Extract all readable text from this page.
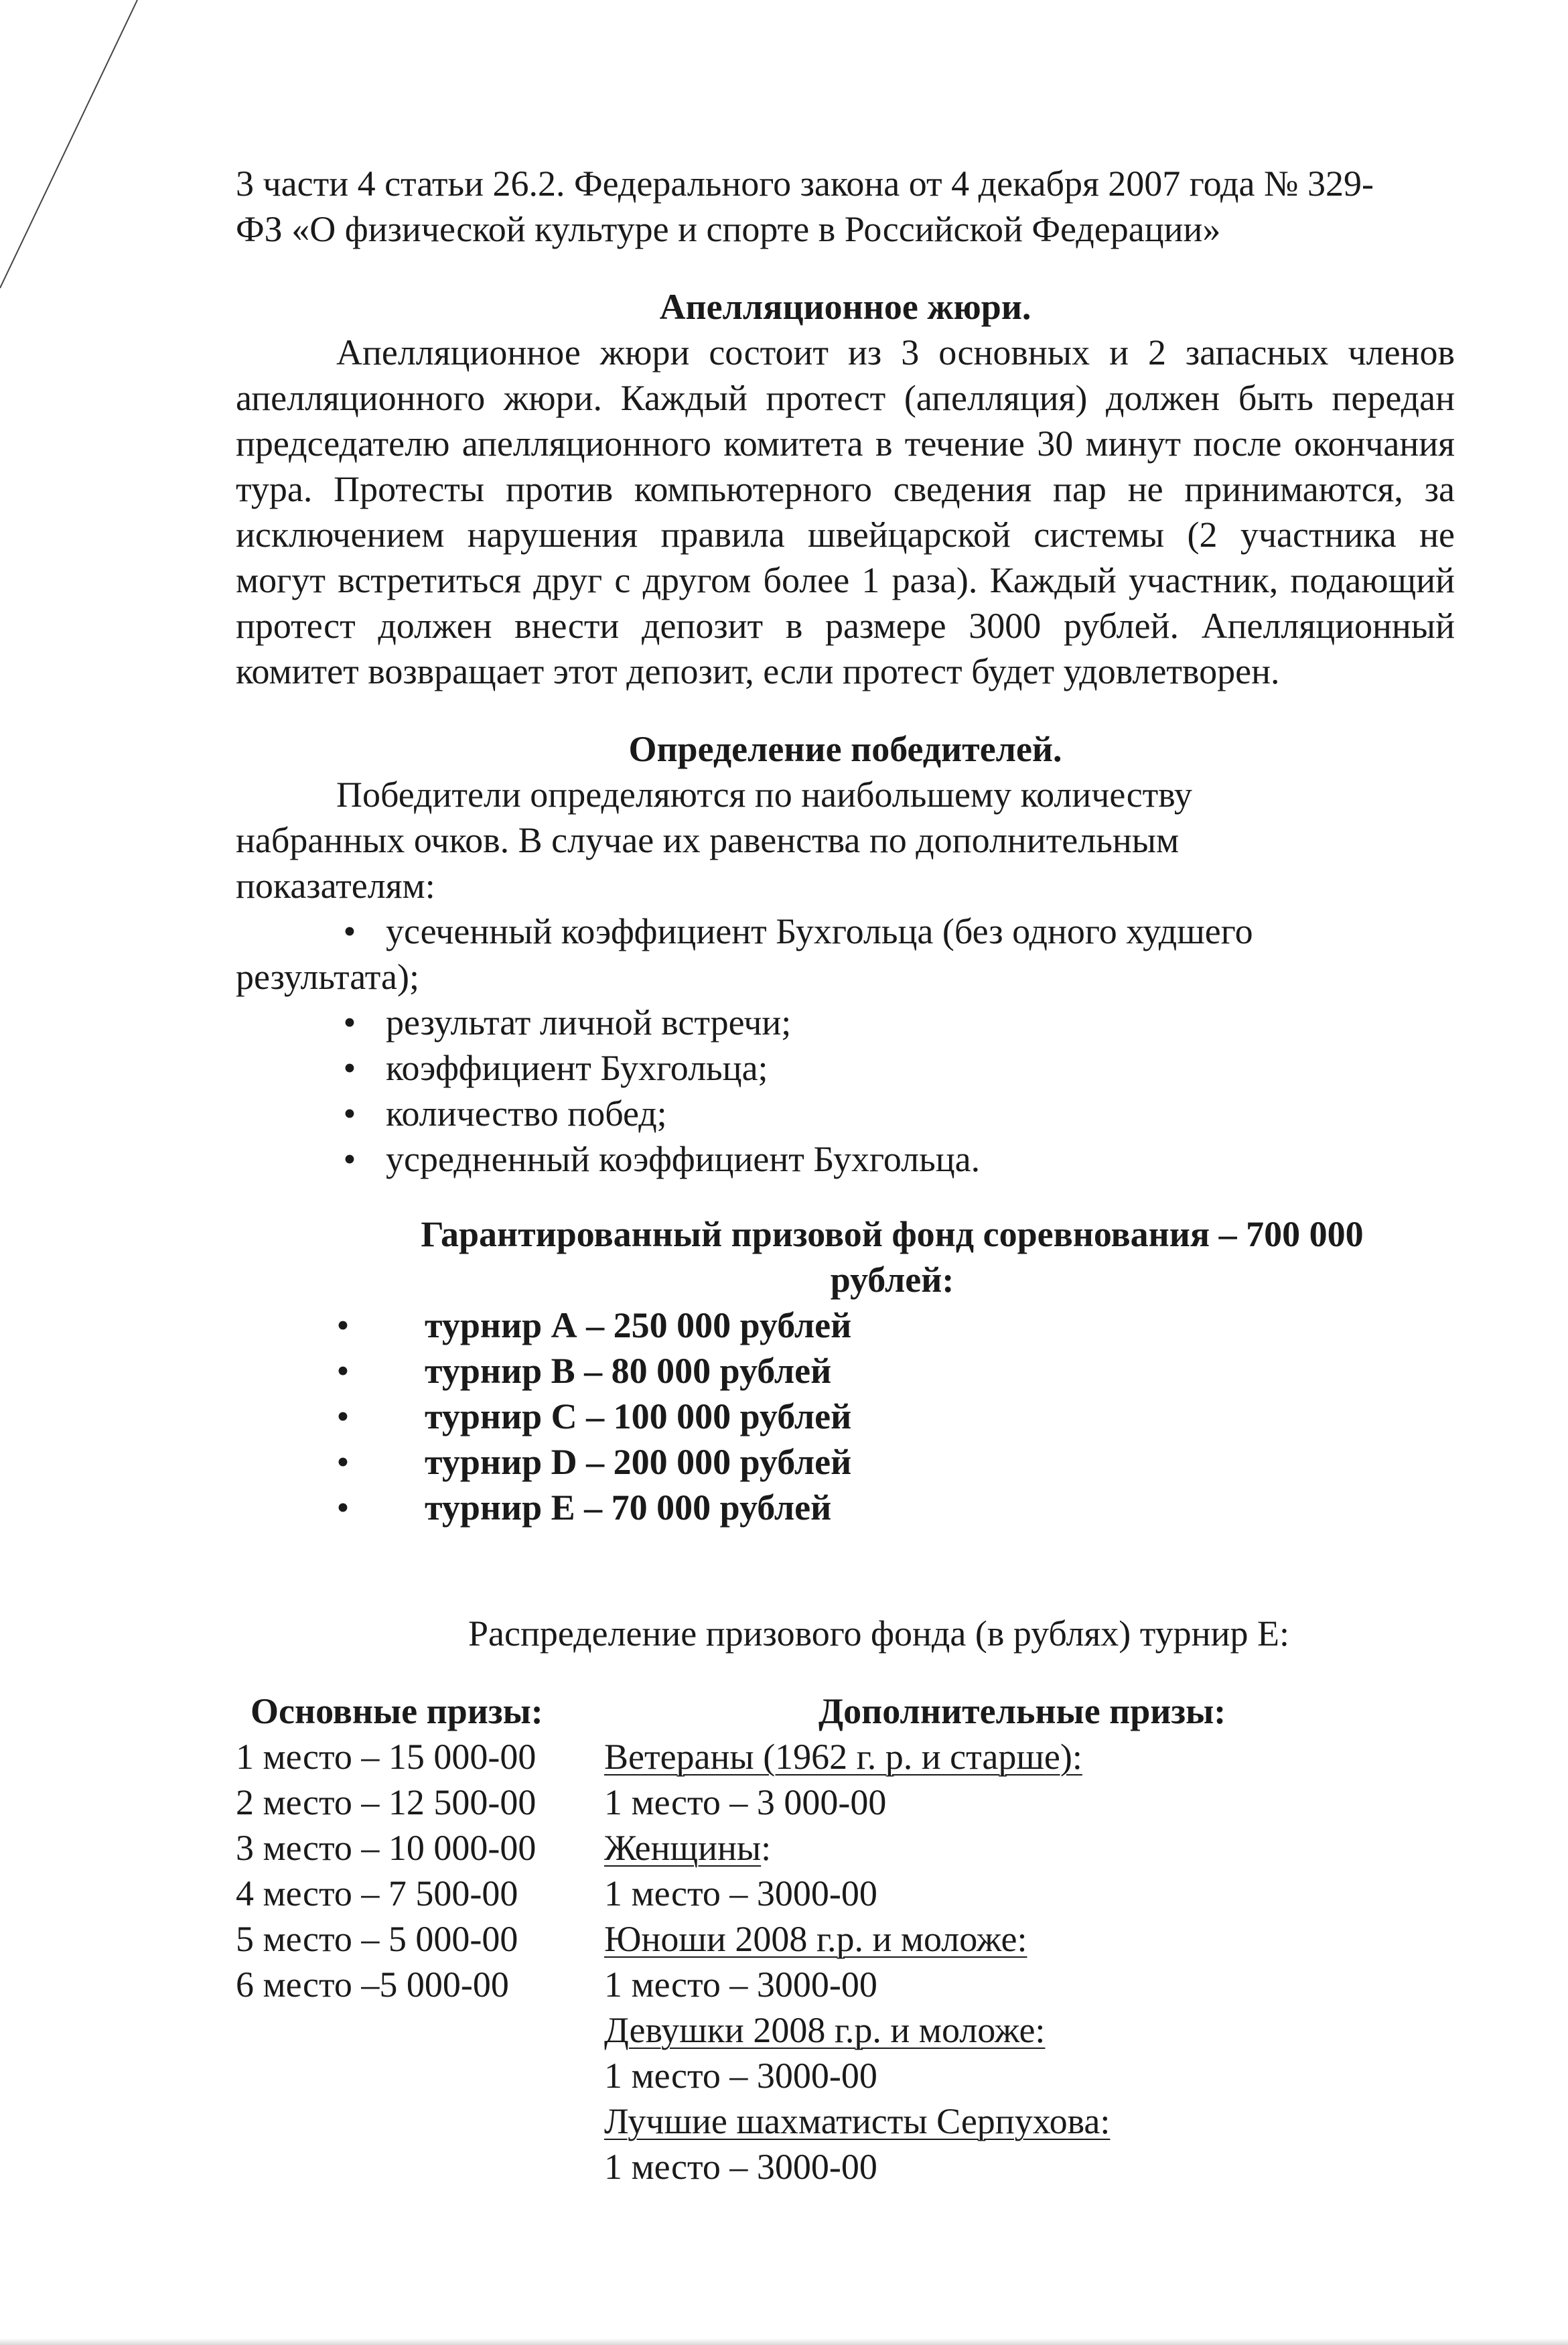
3 части 4 статьи 26.2. Федерального закона от 4 декабря 2007 года № 329-

ФЗ «О физической культуре и спорте в Российской Федерации»

Апелляционное жюри.

Апелляционное жюри состоит из 3 основных и 2 запасных членов апелляционного жюри. Каждый протест (апелляция) должен быть передан председателю апелляционного комитета в течение 30 минут после окончания тура. Протесты против компьютерного сведения пар не принимаются, за исключением нарушения правила швейцарской системы (2 участника не могут встретиться друг с другом более 1 раза). Каждый участник, подающий протест должен внести депозит в размере 3000 рублей. Апелляционный комитет возвращает этот депозит, если протест будет удовлетворен.

Определение победителей.

Победители определяются по наибольшему количеству набранных очков. В случае их равенства по дополнительным показателям:

• усеченный коэффициент Бухгольца (без одного худшего
результата);
• результат личной встречи;
• коэффициент Бухгольца;
• количество побед;
• усредненный коэффициент Бухгольца.

Гарантированный призовой фонд соревнования – 700 000

рублей:

• турнир А – 250 000 рублей
• турнир В – 80 000 рублей
• турнир С – 100 000 рублей
• турнир D – 200 000 рублей
• турнир Е – 70 000 рублей

Распределение призового фонда (в рублях) турнир Е:

Основные призы:

1 место – 15 000-00

2 место – 12 500-00

3 место – 10 000-00

4 место – 7 500-00

5 место – 5 000-00

6 место –5 000-00

Дополнительные призы:

Ветераны (1962 г. р. и старше):

1 место – 3 000-00

Женщины:

1 место – 3000-00

Юноши 2008 г.р. и моложе:

1 место – 3000-00

Девушки 2008 г.р. и моложе:

1 место – 3000-00

Лучшие шахматисты Серпухова:

1 место – 3000-00
